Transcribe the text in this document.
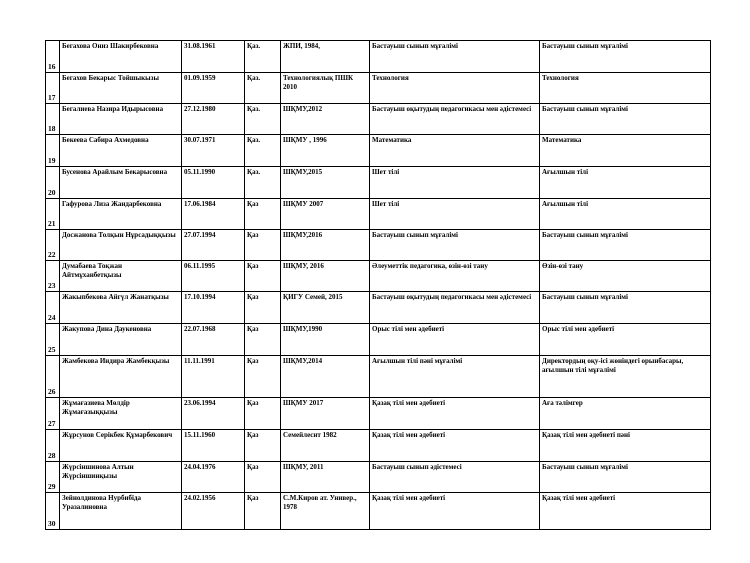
16	Бегахова Ониз Шакирбековна	31.08.1961	Қаз.	ЖПИ, 1984,	Бастауыш сынып мұғалімі	Бастауыш сынып мұғалімі
17	Бегахов Бекарыс Тойшыкызы	01.09.1959	Қаз.	Технологиялық ПШК 2010	Технология	Технология
18	Бегалиева Назира Идырысовна	27.12.1980	Қаз.	ШҚМУ,2012	Бастауыш оқытудың педагогикасы мен әдістемесі	Бастауыш сынып мұғалімі
19	Бекеева Сабира Ахмедовна	30.07.1971	Қаз.	ШҚМУ , 1996	Математика	Математика
20	Бусенова Арайлым Бекарысовна	05.11.1990	Қаз.	ШҚМУ,2015	Шет тілі	Ағылшын тілі
21	Гафурова Лиза Жандарбековна	17.06.1984	Қаз	ШҚМУ 2007	Шет тілі	Ағылшын тілі
22	Досжанова Толқын Нұрсадыққызы	27.07.1994	Қаз	ШҚМУ,2016	Бастауыш сынып мұғалімі	Бастауыш сынып мұғалімі
23	Думабаева Тоқжан Айтмұханбетқызы	06.11.1995	Қаз	ШҚМУ, 2016	Әлеуметтік педагогика, өзін-өзі тану	Өзін-өзі тану
24	Жакыпбекова Айгүл Жанатқызы	17.10.1994	Қаз	ҚИГУ Семей, 2015	Бастауыш оқытудың педагогикасы мен әдістемесі	Бастауыш сынып мұғалімі
25	Жакупова Дина Даукеновна	22.07.1968	Қаз	ШҚМУ,1990	Орыс тілі мен әдебиеті	Орыс тілі мен әдебиеті
26	Жамбекова Индира Жамбекқызы	11.11.1991	Қаз	ШҚМУ,2014	Ағылшын тілі пәні мұғалімі	Директордың оқу-ісі жөніндегі орынбасары, ағылшын тілі мұғалімі
27	Жұмағазиева Мөлдір Жұмағазыққызы	23.06.1994	Қаз	ШҚМУ 2017	Қазақ тілі мен әдебиеті	Аға тәлімгер
28	Жұрсунов Серікбек Құмарбекович	15.11.1960	Қаз	Семейлеснт 1982	Қазақ тілі мен әдебиеті	Қазақ тілі мен әдебиеті пәні
29	Жүрсіншинова Алтын Жүрсіншинқызы	24.04.1976	Қаз	ШҚМУ, 2011	Бастауыш сынып әдістемесі	Бастауыш сынып мұғалімі
30	Зейнолдинова Нурбибіда Уразалиновна	24.02.1956	Қаз	С.М.Киров ат. Универ., 1978	Қазақ тілі мен әдебиеті	Қазақ тілі мен әдебиеті
